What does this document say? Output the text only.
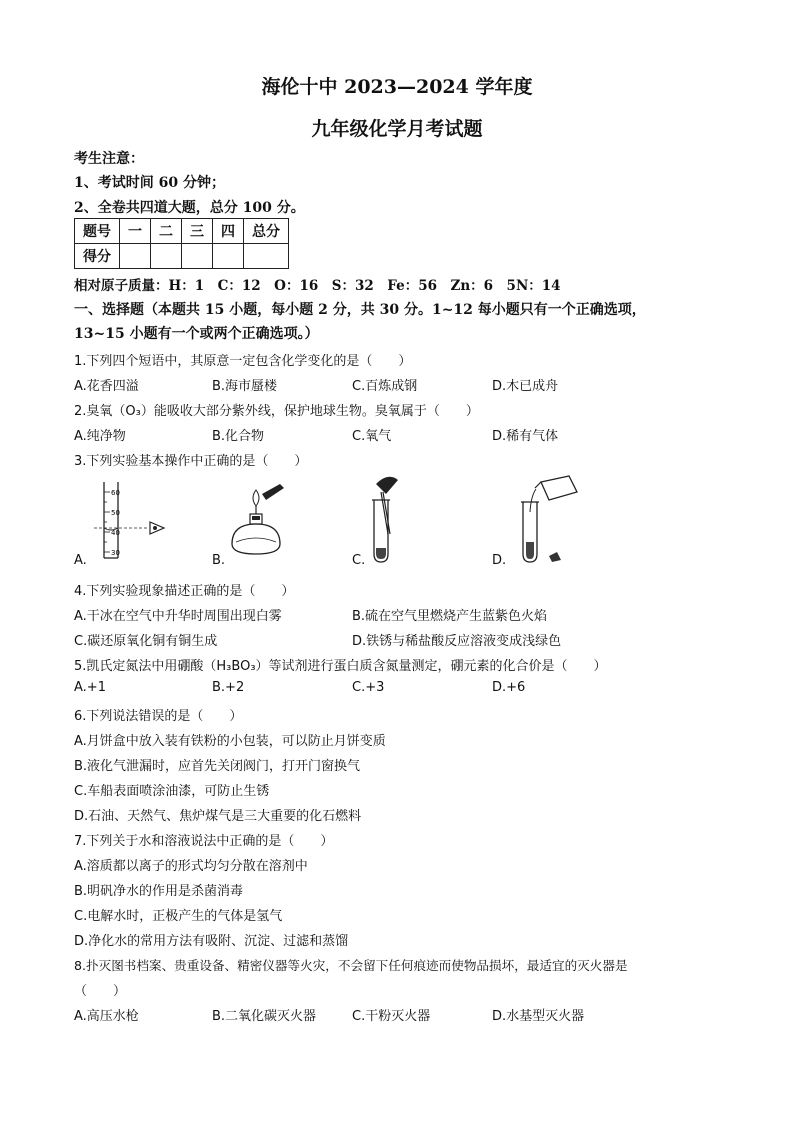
海伦十中 2023—2024 学年度
九年级化学月考试题
考生注意：
1、考试时间 60 分钟；
2、全卷共四道大题，总分 100 分。
题号	一	二	三	四	总分
得分					
相对原子质量：H：1　C：12　O：16　S：32　Fe：56　Zn：6　5N：14
一、选择题（本题共 15 小题，每小题 2 分，共 30 分。1~12 每小题只有一个正确选项，
13~15 小题有一个或两个正确选项。）
1.下列四个短语中，其原意一定包含化学变化的是（　　）
A.花香四溢	B.海市蜃楼	C.百炼成钢	D.木已成舟
2.臭氧（O₃）能吸收大部分紫外线，保护地球生物。臭氧属于（　　）
A.纯净物	B.化合物	C.氧气	D.稀有气体
3.下列实验基本操作中正确的是（　　）
60
50
40
30
A.	B.	C.	D.
4.下列实验现象描述正确的是（　　）
A.干冰在空气中升华时周围出现白雾	B.硫在空气里燃烧产生蓝紫色火焰
C.碳还原氧化铜有铜生成	D.铁锈与稀盐酸反应溶液变成浅绿色
5.凯氏定氮法中用硼酸（H₃BO₃）等试剂进行蛋白质含氮量测定，硼元素的化合价是（　　）
A.+1	B.+2	C.+3	D.+6
6.下列说法错误的是（　　）
A.月饼盒中放入装有铁粉的小包装，可以防止月饼变质
B.液化气泄漏时，应首先关闭阀门，打开门窗换气
C.车船表面喷涂油漆，可防止生锈
D.石油、天然气、焦炉煤气是三大重要的化石燃料
7.下列关于水和溶液说法中正确的是（　　）
A.溶质都以离子的形式均匀分散在溶剂中
B.明矾净水的作用是杀菌消毒
C.电解水时，正极产生的气体是氢气
D.净化水的常用方法有吸附、沉淀、过滤和蒸馏
8.扑灭图书档案、贵重设备、精密仪器等火灾，不会留下任何痕迹而使物品损坏，最适宜的灭火器是
（　　）
A.高压水枪	B.二氧化碳灭火器	C.干粉灭火器	D.水基型灭火器
